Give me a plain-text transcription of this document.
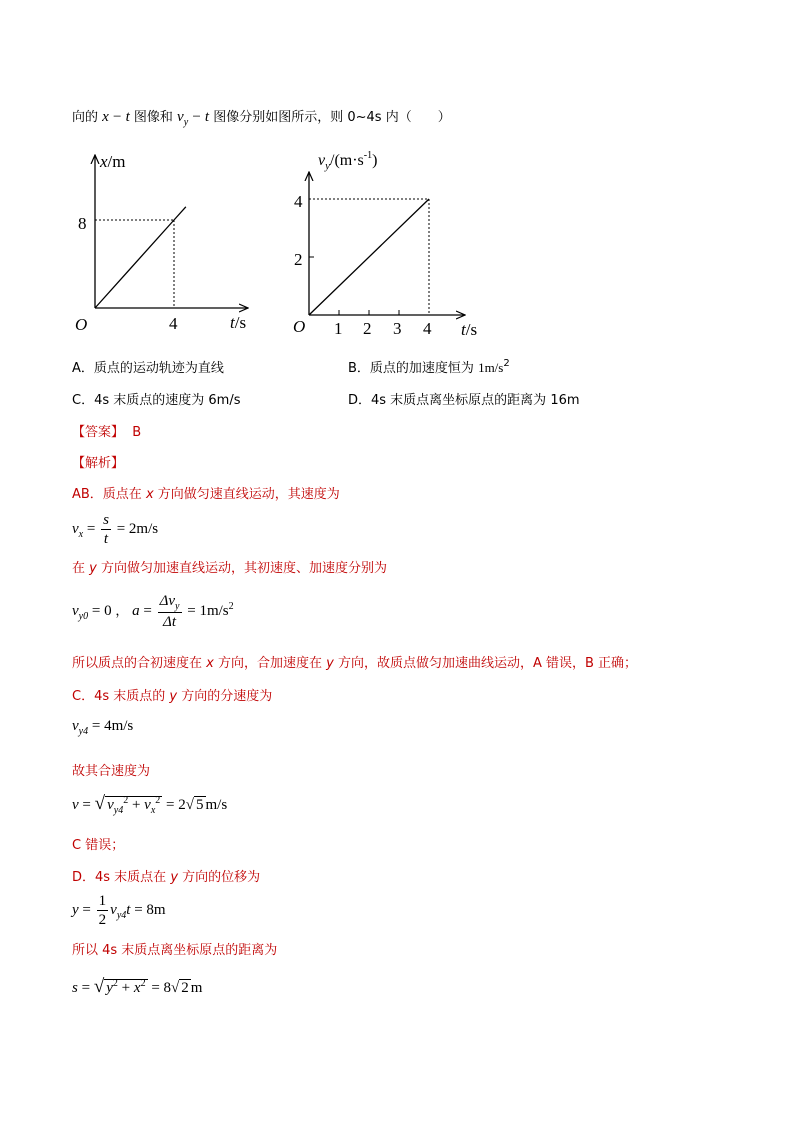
向的 x − t 图像和 $v_y - t$ 图像分别如图所示，则 0~4s 内（　　）
x/m
t/s
O
8
4
$v_y/(m\cdot s^{-1})$
t/s
O
4
2
1 2 3 4
A．质点的运动轨迹为直线	B．质点的加速度恒为 $1m/s^2$
C．4s 末质点的速度为 6m/s	D．4s 末质点离坐标原点的距离为 16m
【答案】 B
【解析】
AB．质点在 x 方向做匀速直线运动，其速度为
$v_x = \frac{s}{t} = 2m/s$
在 y 方向做匀加速直线运动，其初速度、加速度分别为
$v_{y0} = 0$ ， $a = \frac{\Delta v_y}{\Delta t} = 1m/s^2$
所以质点的合初速度在 x 方向，合加速度在 y 方向，故质点做匀加速曲线运动，A 错误，B 正确；
C．4s 末质点的 y 方向的分速度为
$v_{y4} = 4m/s$
故其合速度为
v = √ $v_{y4}^2 + v_x^2 = 2√$ 5 m/s
C 错误；
D．4s 末质点在 y 方向的位移为
$y = \frac{1}{2} v_{y4}t = 8m$
所以 4s 末质点离坐标原点的距离为
s = √ $y^2 + x^2 = 8√$ 2 m
